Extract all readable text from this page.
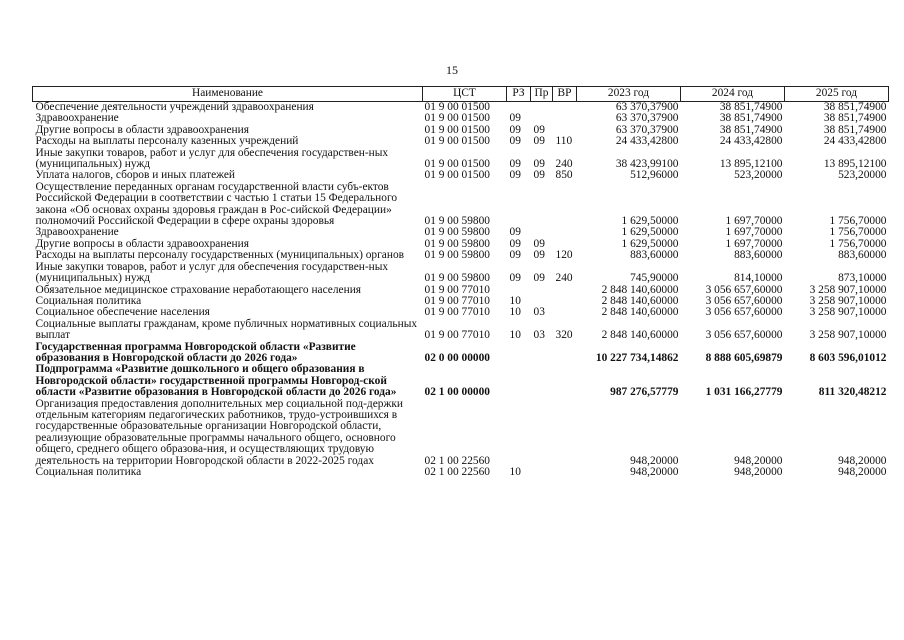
15
Наименование	ЦСТ	РЗ	Пр	ВР	2023 год	2024 год	2025 год
Обеспечение деятельности учреждений здравоохранения	01 9 00 01500				63 370,37900	38 851,74900	38 851,74900
Здравоохранение	01 9 00 01500	09			63 370,37900	38 851,74900	38 851,74900
Другие вопросы в области здравоохранения	01 9 00 01500	09	09		63 370,37900	38 851,74900	38 851,74900
Расходы на выплаты персоналу казенных учреждений	01 9 00 01500	09	09	110	24 433,42800	24 433,42800	24 433,42800
Иные закупки товаров, работ и услуг для обеспечения государствен-ных (муниципальных) нужд	01 9 00 01500	09	09	240	38 423,99100	13 895,12100	13 895,12100
Уплата налогов, сборов и иных платежей	01 9 00 01500	09	09	850	512,96000	523,20000	523,20000
Осуществление переданных органам государственной власти субъ-ектов Российской Федерации в соответствии с частью 1 статьи 15 Федерального закона «Об основах охраны здоровья граждан в Рос-сийской Федерации» полномочий Российской Федерации в сфере охраны здоровья	01 9 00 59800				1 629,50000	1 697,70000	1 756,70000
Здравоохранение	01 9 00 59800	09			1 629,50000	1 697,70000	1 756,70000
Другие вопросы в области здравоохранения	01 9 00 59800	09	09		1 629,50000	1 697,70000	1 756,70000
Расходы на выплаты персоналу государственных (муниципальных) органов	01 9 00 59800	09	09	120	883,60000	883,60000	883,60000
Иные закупки товаров, работ и услуг для обеспечения государствен-ных (муниципальных) нужд	01 9 00 59800	09	09	240	745,90000	814,10000	873,10000
Обязательное медицинское страхование неработающего населения	01 9 00 77010				2 848 140,60000	3 056 657,60000	3 258 907,10000
Социальная политика	01 9 00 77010	10			2 848 140,60000	3 056 657,60000	3 258 907,10000
Социальное обеспечение населения	01 9 00 77010	10	03		2 848 140,60000	3 056 657,60000	3 258 907,10000
Социальные выплаты гражданам, кроме публичных нормативных социальных выплат	01 9 00 77010	10	03	320	2 848 140,60000	3 056 657,60000	3 258 907,10000
Государственная программа Новгородской области «Развитие образования в Новгородской области до 2026 года»	02 0 00 00000				10 227 734,14862	8 888 605,69879	8 603 596,01012
Подпрограмма «Развитие дошкольного и общего образования в Новгородской области» государственной программы Новгород-ской области «Развитие образования в Новгородской области до 2026 года»	02 1 00 00000				987 276,57779	1 031 166,27779	811 320,48212
Организация предоставления дополнительных мер социальной под-держки отдельным категориям педагогических работников, трудо-устроившихся в государственные образовательные организации Новгородской области, реализующие образовательные программы начального общего, основного общего, среднего общего образова-ния, и осуществляющих трудовую деятельность на территории Новгородской области в 2022-2025 годах	02 1 00 22560				948,20000	948,20000	948,20000
Социальная политика	02 1 00 22560	10			948,20000	948,20000	948,20000
